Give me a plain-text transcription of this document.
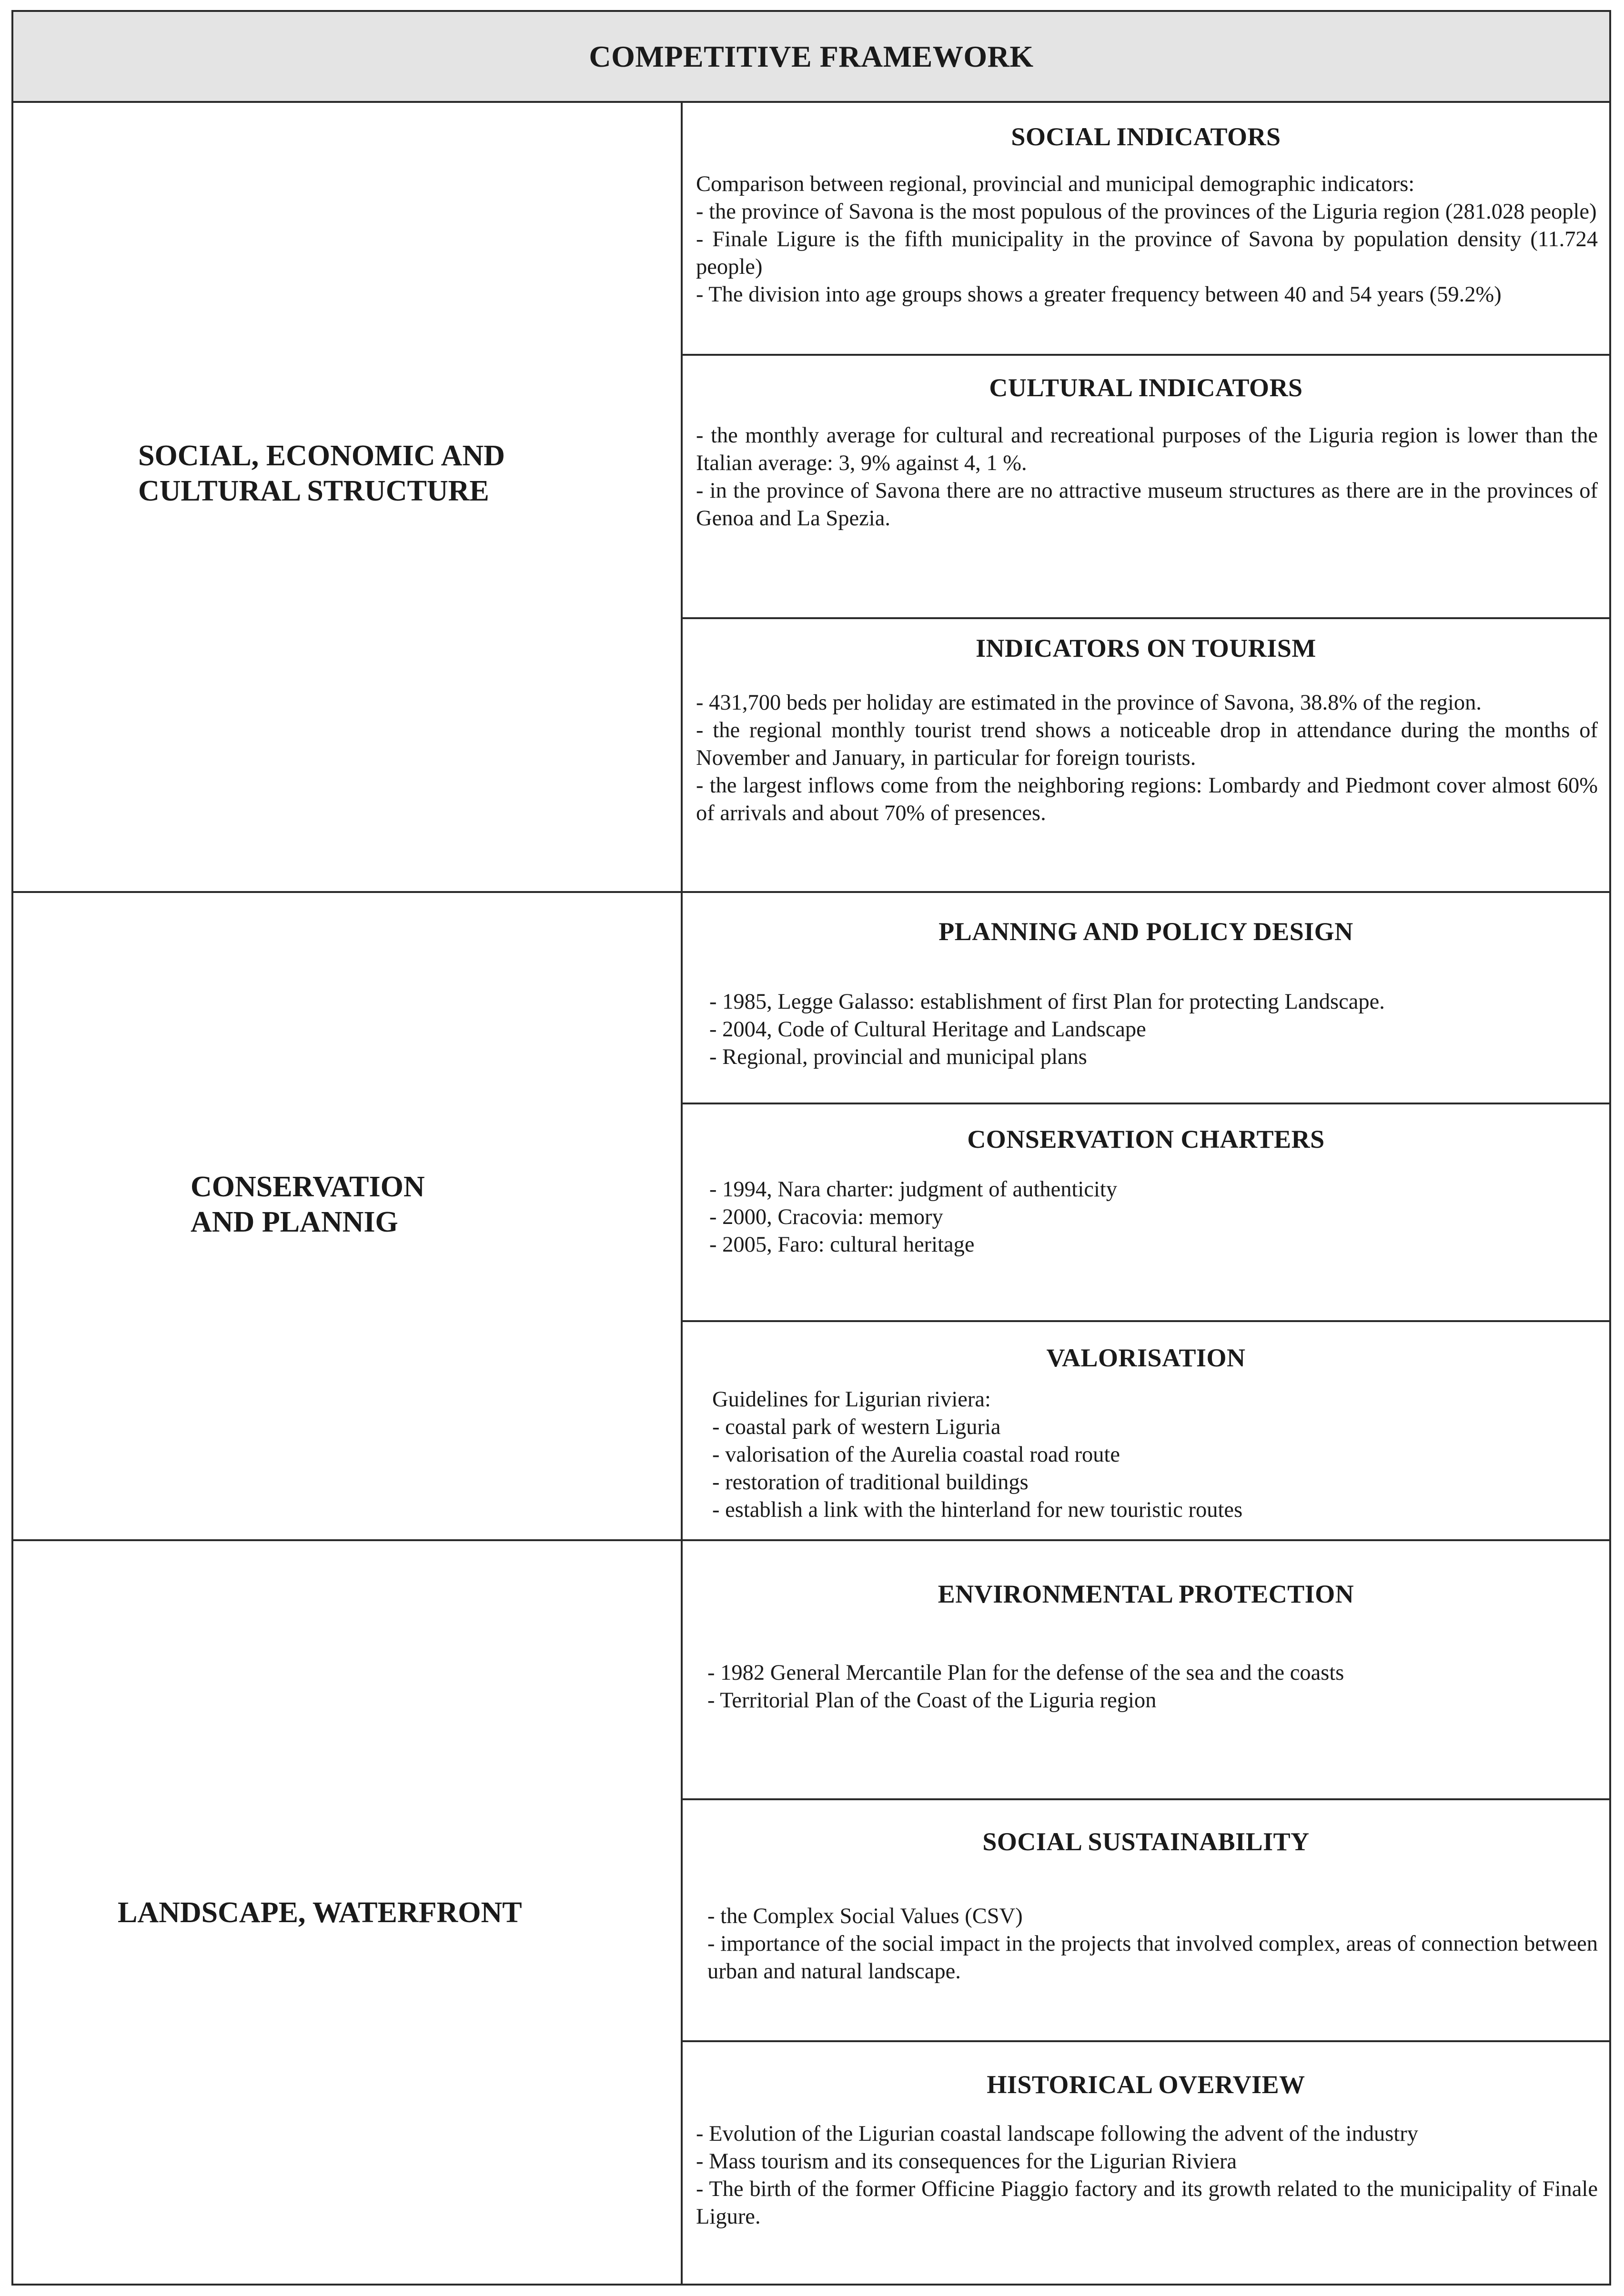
COMPETITIVE FRAMEWORK
SOCIAL, ECONOMIC AND
CULTURAL STRUCTURE
CONSERVATION
AND PLANNIG
LANDSCAPE, WATERFRONT
SOCIAL INDICATORS
Comparison between regional, provincial and municipal demographic indicators:
- the province of Savona is the most populous of the provinces of the Liguria region (281.028 people)
- Finale Ligure is the fifth municipality in the province of Savona by population density (11.724 people)
- The division into age groups shows a greater frequency between 40 and 54 years (59.2%)
CULTURAL INDICATORS
- the monthly average for cultural and recreational purposes of the Liguria region is lower than the Italian average: 3, 9% against 4, 1 %.
- in the province of Savona there are no attractive museum structures as there are in the provinces of Genoa and La Spezia.
INDICATORS ON TOURISM
- 431,700 beds per holiday are estimated in the province of Savona, 38.8% of the region.
- the regional monthly tourist trend shows a noticeable drop in attendance during the months of November and January, in particular for foreign tourists.
- the largest inflows come from the neighboring regions: Lombardy and Piedmont cover almost 60% of arrivals and about 70% of presences.
PLANNING AND POLICY DESIGN
- 1985, Legge Galasso: establishment of first Plan for protecting Landscape.
- 2004, Code of Cultural Heritage and Landscape
- Regional, provincial and municipal plans
CONSERVATION CHARTERS
- 1994, Nara charter: judgment of authenticity
- 2000, Cracovia: memory
- 2005, Faro: cultural heritage
VALORISATION
Guidelines for Ligurian riviera:
- coastal park of western Liguria
- valorisation of the Aurelia coastal road route
- restoration of traditional buildings
- establish a link with the hinterland for new touristic routes
ENVIRONMENTAL PROTECTION
- 1982 General Mercantile Plan for the defense of the sea and the coasts
- Territorial Plan of the Coast of the Liguria region
SOCIAL SUSTAINABILITY
- the Complex Social Values (CSV)
- importance of the social impact in the projects that involved complex, areas of connection between urban and natural landscape.
HISTORICAL OVERVIEW
- Evolution of the Ligurian coastal landscape following the advent of the industry
- Mass tourism and its consequences for the Ligurian Riviera
- The birth of the former Officine Piaggio factory and its growth related to the municipality of Finale Ligure.
